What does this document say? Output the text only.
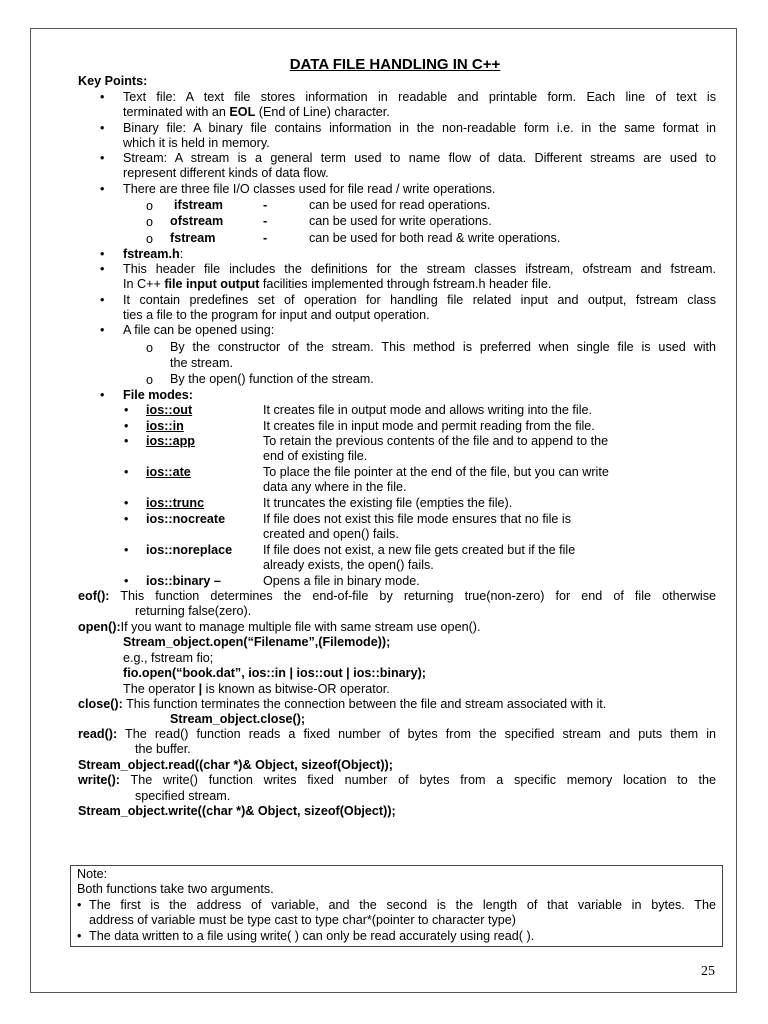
DATA FILE HANDLING IN C++
Key Points:
• Text file: A text file stores information in readable and printable form. Each line of text is
terminated with an EOL (End of Line) character.
• Binary file: A binary file contains information in the non-readable form i.e. in the same format in
which it is held in memory.
• Stream: A stream is a general term used to name flow of data. Different streams are used to
represent different kinds of data flow.
• There are three file I/O classes used for file read / write operations.
o ifstream	-	can be used for read operations.
o ofstream	-	can be used for write operations.
o fstream	-	can be used for both read & write operations.
• fstream.h:
• This header file includes the definitions for the stream classes ifstream, ofstream and fstream.
In C++ file input output facilities implemented through fstream.h header file.
• It contain predefines set of operation for handling file related input and output, fstream class
ties a file to the program for input and output operation.
• A file can be opened using:
o By the constructor of the stream. This method is preferred when single file is used with
the stream.
o By the open() function of the stream.
• File modes:
• ios::out	It creates file in output mode and allows writing into the file.
• ios::in	It creates file in input mode and permit reading from the file.
• ios::app	To retain the previous contents of the file and to append to the
end of existing file.
• ios::ate	To place the file pointer at the end of the file, but you can write
data any where in the file.
• ios::trunc	It truncates the existing file (empties the file).
• ios::nocreate	If file does not exist this file mode ensures that no file is
created and open() fails.
• ios::noreplace If file does not exist, a new file gets created but if the file
already exists, the open() fails.
• ios::binary –	Opens a file in binary mode.
eof(): This function determines the end-of-file by returning true(non-zero) for end of file otherwise
returning false(zero).
open():If you want to manage multiple file with same stream use open().
Stream_object.open(“Filename”,(Filemode));
e.g., fstream fio;
fio.open(“book.dat”, ios::in | ios::out | ios::binary);
The operator | is known as bitwise-OR operator.
close(): This function terminates the connection between the file and stream associated with it.
Stream_object.close();
read(): The read() function reads a fixed number of bytes from the specified stream and puts them in
the buffer.
Stream_object.read((char *)& Object, sizeof(Object));
write(): The write() function writes fixed number of bytes from a specific memory location to the
specified stream.
Stream_object.write((char *)& Object, sizeof(Object));
Note:
Both functions take two arguments.
• The first is the address of variable, and the second is the length of that variable in bytes. The
address of variable must be type cast to type char*(pointer to character type)
• The data written to a file using write( ) can only be read accurately using read( ).
25
